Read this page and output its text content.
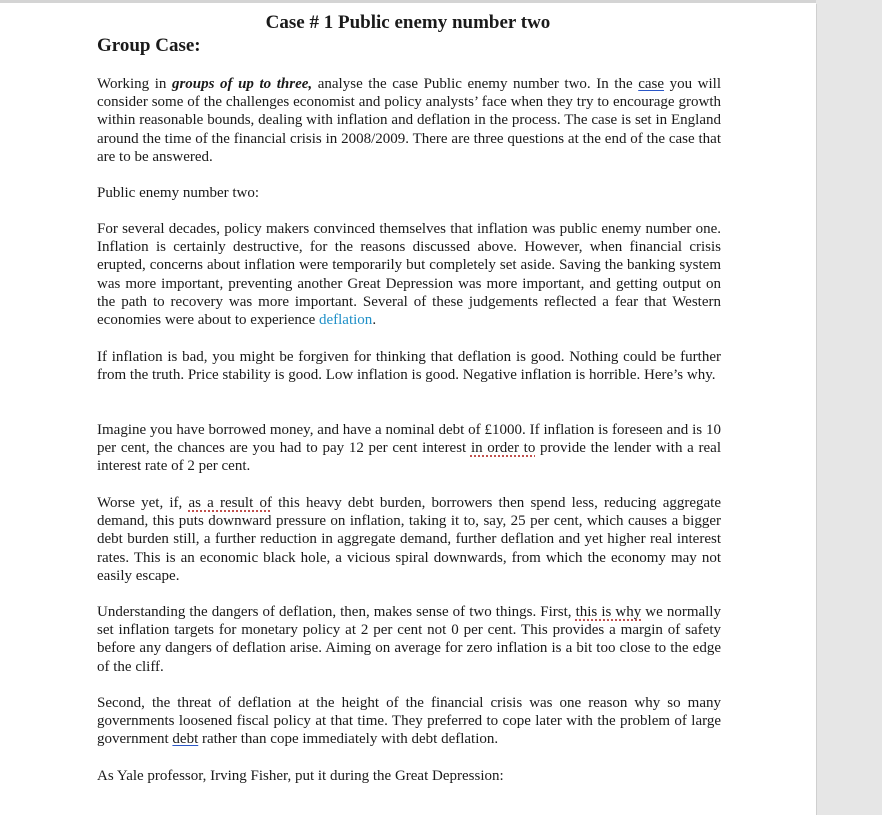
Case # 1 Public enemy number two
Group Case:

Working in groups of up to three, analyse the case Public enemy number two. In the case you will consider some of the challenges economist and policy analysts’ face when they try to encourage growth within reasonable bounds, dealing with inflation and deflation in the process. The case is set in England around the time of the financial crisis in 2008/2009. There are three questions at the end of the case that are to be answered.

Public enemy number two:

For several decades, policy makers convinced themselves that inflation was public enemy number one. Inflation is certainly destructive, for the reasons discussed above. However, when financial crisis erupted, concerns about inflation were temporarily but completely set aside. Saving the banking system was more important, preventing another Great Depression was more important, and getting output on the path to recovery was more important. Several of these judgements reflected a fear that Western economies were about to experience deflation.

If inflation is bad, you might be forgiven for thinking that deflation is good. Nothing could be further from the truth. Price stability is good. Low inflation is good. Negative inflation is horrible. Here’s why.

Imagine you have borrowed money, and have a nominal debt of £1000. If inflation is foreseen and is 10 per cent, the chances are you had to pay 12 per cent interest in order to provide the lender with a real interest rate of 2 per cent.

Worse yet, if, as a result of this heavy debt burden, borrowers then spend less, reducing aggregate demand, this puts downward pressure on inflation, taking it to, say, 25 per cent, which causes a bigger debt burden still, a further reduction in aggregate demand, further deflation and yet higher real interest rates. This is an economic black hole, a vicious spiral downwards, from which the economy may not easily escape.

Understanding the dangers of deflation, then, makes sense of two things. First, this is why we normally set inflation targets for monetary policy at 2 per cent not 0 per cent. This provides a margin of safety before any dangers of deflation arise. Aiming on average for zero inflation is a bit too close to the edge of the cliff.

Second, the threat of deflation at the height of the financial crisis was one reason why so many governments loosened fiscal policy at that time. They preferred to cope later with the problem of large government debt rather than cope immediately with debt deflation.

As Yale professor, Irving Fisher, put it during the Great Depression:
